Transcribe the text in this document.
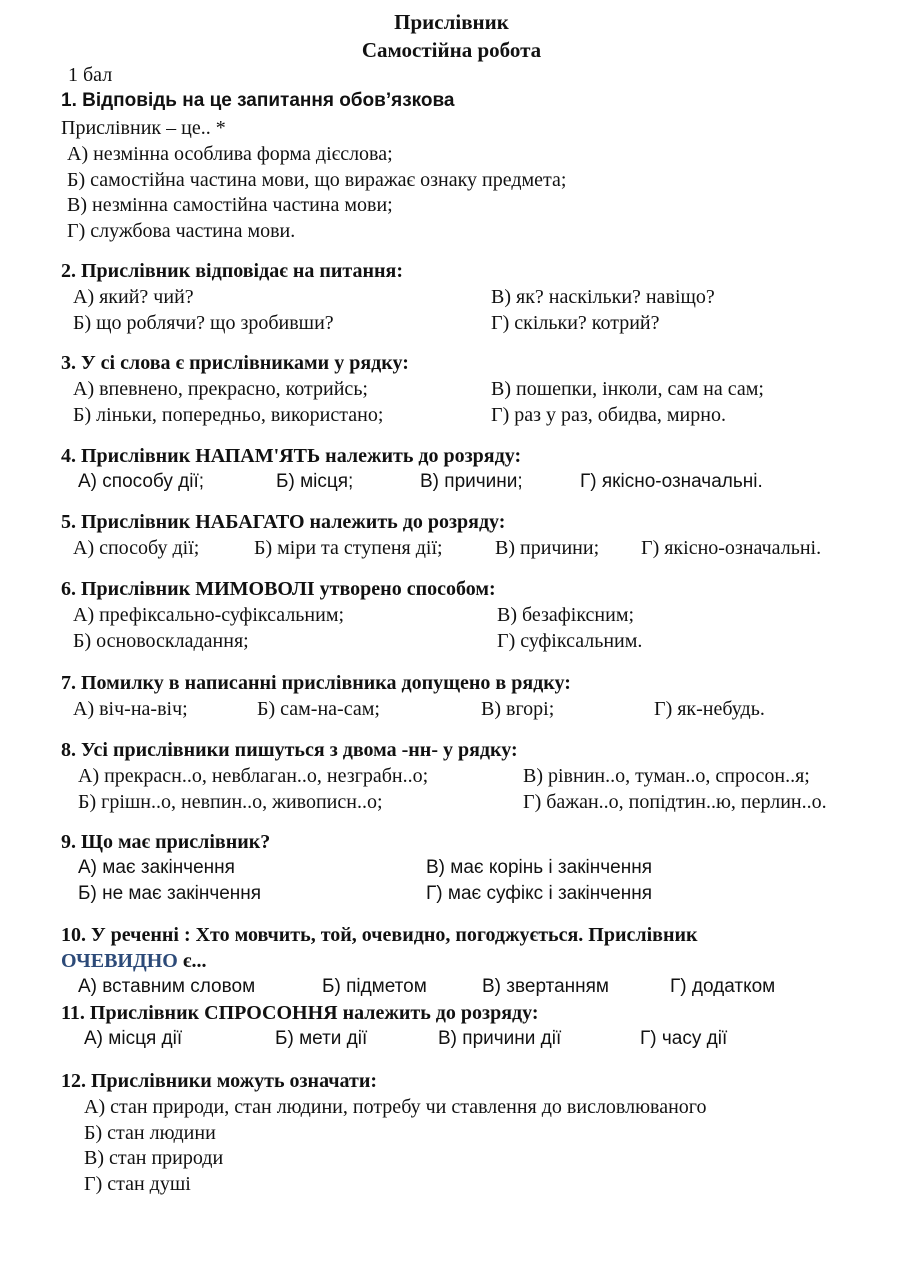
Прислівник
Самостійна робота
1 бал
1. Відповідь на це запитання обов’язкова
Прислівник – це.. *
А) незмінна особлива форма дієслова;
Б) самостійна частина мови, що виражає ознаку предмета;
В) незмінна самостійна частина мови;
Г) службова частина мови.
2. Прислівник відповідає на питання:
А) який? чий?	В) як? наскільки? навіщо?
Б) що роблячи? що зробивши?	Г) скільки? котрий?
3. У сі слова є прислівниками у рядку:
А) впевнено, прекрасно, котрийсь;	В) пошепки, інколи, сам на сам;
Б) ліньки, попередньо, використано;	Г) раз у раз, обидва, мирно.
4. Прислівник НАПАМ'ЯТЬ належить до розряду:
А) способу дії;	Б) місця;	В) причини;	Г) якісно-означальні.
5. Прислівник НАБАГАТО належить до розряду:
А) способу дії;	Б) міри та ступеня дії;	В) причини; Г) якісно-означальні.
6. Прислівник МИМОВОЛІ утворено способом:
А) префіксально-суфіксальним;	В) безафіксним;
Б) основоскладання;	Г) суфіксальним.
7. Помилку в написанні прислівника допущено в рядку:
А) віч-на-віч;	Б) сам-на-сам;	В) вгорі;	Г) як-небудь.
8. Усі прислівники пишуться з двома -нн- у рядку:
А) прекрасн..о, невблаган..о, незграбн..о;	В) рівнин..о, туман..о, спросон..я;
Б) грішн..о, невпин..о, живописн..о;	Г) бажан..о, попідтин..ю, перлин..о.
9. Що має прислівник?
А) має закінчення	В) має корінь і закінчення
Б) не має закінчення	Г) має суфікс і закінчення
10. У реченні : Хто мовчить, той, очевидно, погоджується. Прислівник
ОЧЕВИДНО є...
А) вставним словом	Б) підметом	В) звертанням	Г) додатком
11. Прислівник СПРОСОННЯ належить до розряду:
А) місця дії	Б) мети дії	В) причини дії	Г) часу дії
12. Прислівники можуть означати:
А) стан природи, стан людини, потребу чи ставлення до висловлюваного
Б) стан людини
В) стан природи
Г) стан душі
